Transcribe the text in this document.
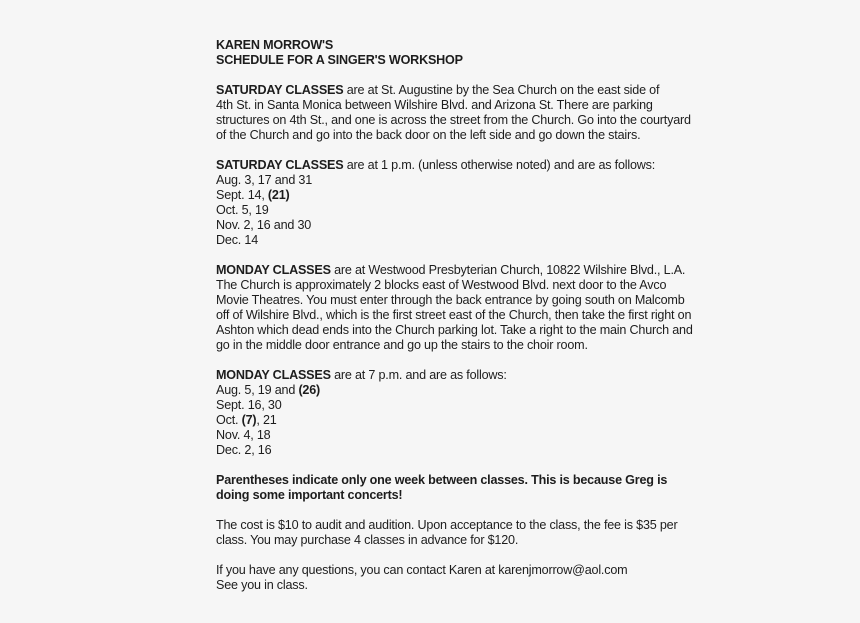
KAREN MORROW'S
SCHEDULE FOR A SINGER'S WORKSHOP
SATURDAY CLASSES are at St. Augustine by the Sea Church on the east side of
4th St. in Santa Monica between Wilshire Blvd. and Arizona St. There are parking
structures on 4th St., and one is across the street from the Church. Go into the courtyard
of the Church and go into the back door on the left side and go down the stairs.
SATURDAY CLASSES are at 1 p.m. (unless otherwise noted) and are as follows:
Aug. 3, 17 and 31
Sept. 14, (21)
Oct. 5, 19
Nov. 2, 16 and 30
Dec. 14
MONDAY CLASSES are at Westwood Presbyterian Church, 10822 Wilshire Blvd., L.A.
The Church is approximately 2 blocks east of Westwood Blvd. next door to the Avco
Movie Theatres. You must enter through the back entrance by going south on Malcomb
off of Wilshire Blvd., which is the first street east of the Church, then take the first right on
Ashton which dead ends into the Church parking lot. Take a right to the main Church and
go in the middle door entrance and go up the stairs to the choir room.
MONDAY CLASSES are at 7 p.m. and are as follows:
Aug. 5, 19 and (26)
Sept. 16, 30
Oct. (7), 21
Nov. 4, 18
Dec. 2, 16
Parentheses indicate only one week between classes. This is because Greg is
doing some important concerts!
The cost is $10 to audit and audition. Upon acceptance to the class, the fee is $35 per
class. You may purchase 4 classes in advance for $120.
If you have any questions, you can contact Karen at karenjmorrow@aol.com
See you in class.
